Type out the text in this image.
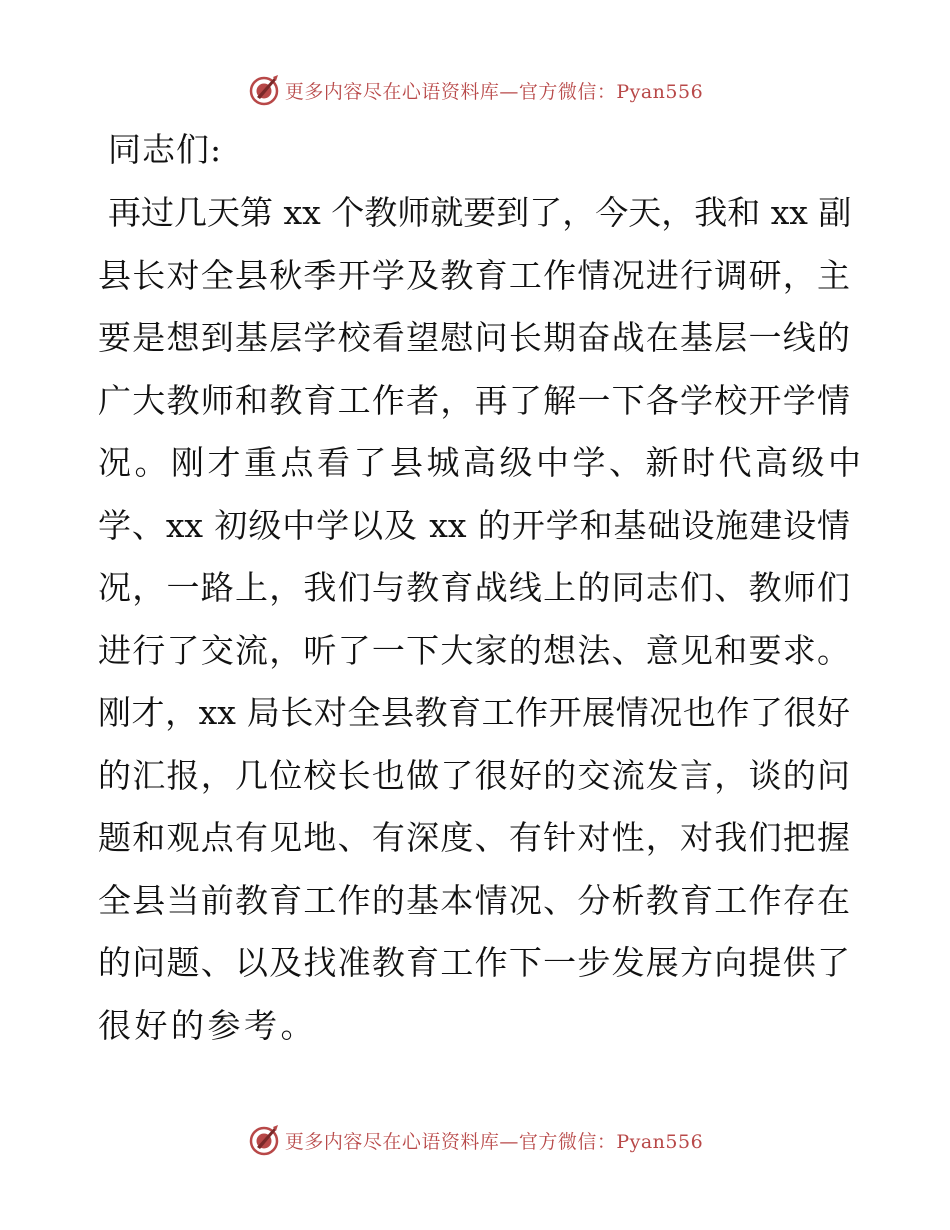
更多内容尽在心语资料库—官方微信：Pyan556

同志们:

再过几天第 xx 个教师就要到了，今天，我和 xx 副
县长对全县秋季开学及教育工作情况进行调研，主
要是想到基层学校看望慰问长期奋战在基层一线的
广大教师和教育工作者，再了解一下各学校开学情
况。刚才重点看了县城高级中学、新时代高级中
学、xx 初级中学以及 xx 的开学和基础设施建设情
况，一路上，我们与教育战线上的同志们、教师们
进行了交流，听了一下大家的想法、意见和要求。
刚才，xx 局长对全县教育工作开展情况也作了很好
的汇报，几位校长也做了很好的交流发言，谈的问
题和观点有见地、有深度、有针对性，对我们把握
全县当前教育工作的基本情况、分析教育工作存在
的问题、以及找准教育工作下一步发展方向提供了
很好的参考。

更多内容尽在心语资料库—官方微信：Pyan556
